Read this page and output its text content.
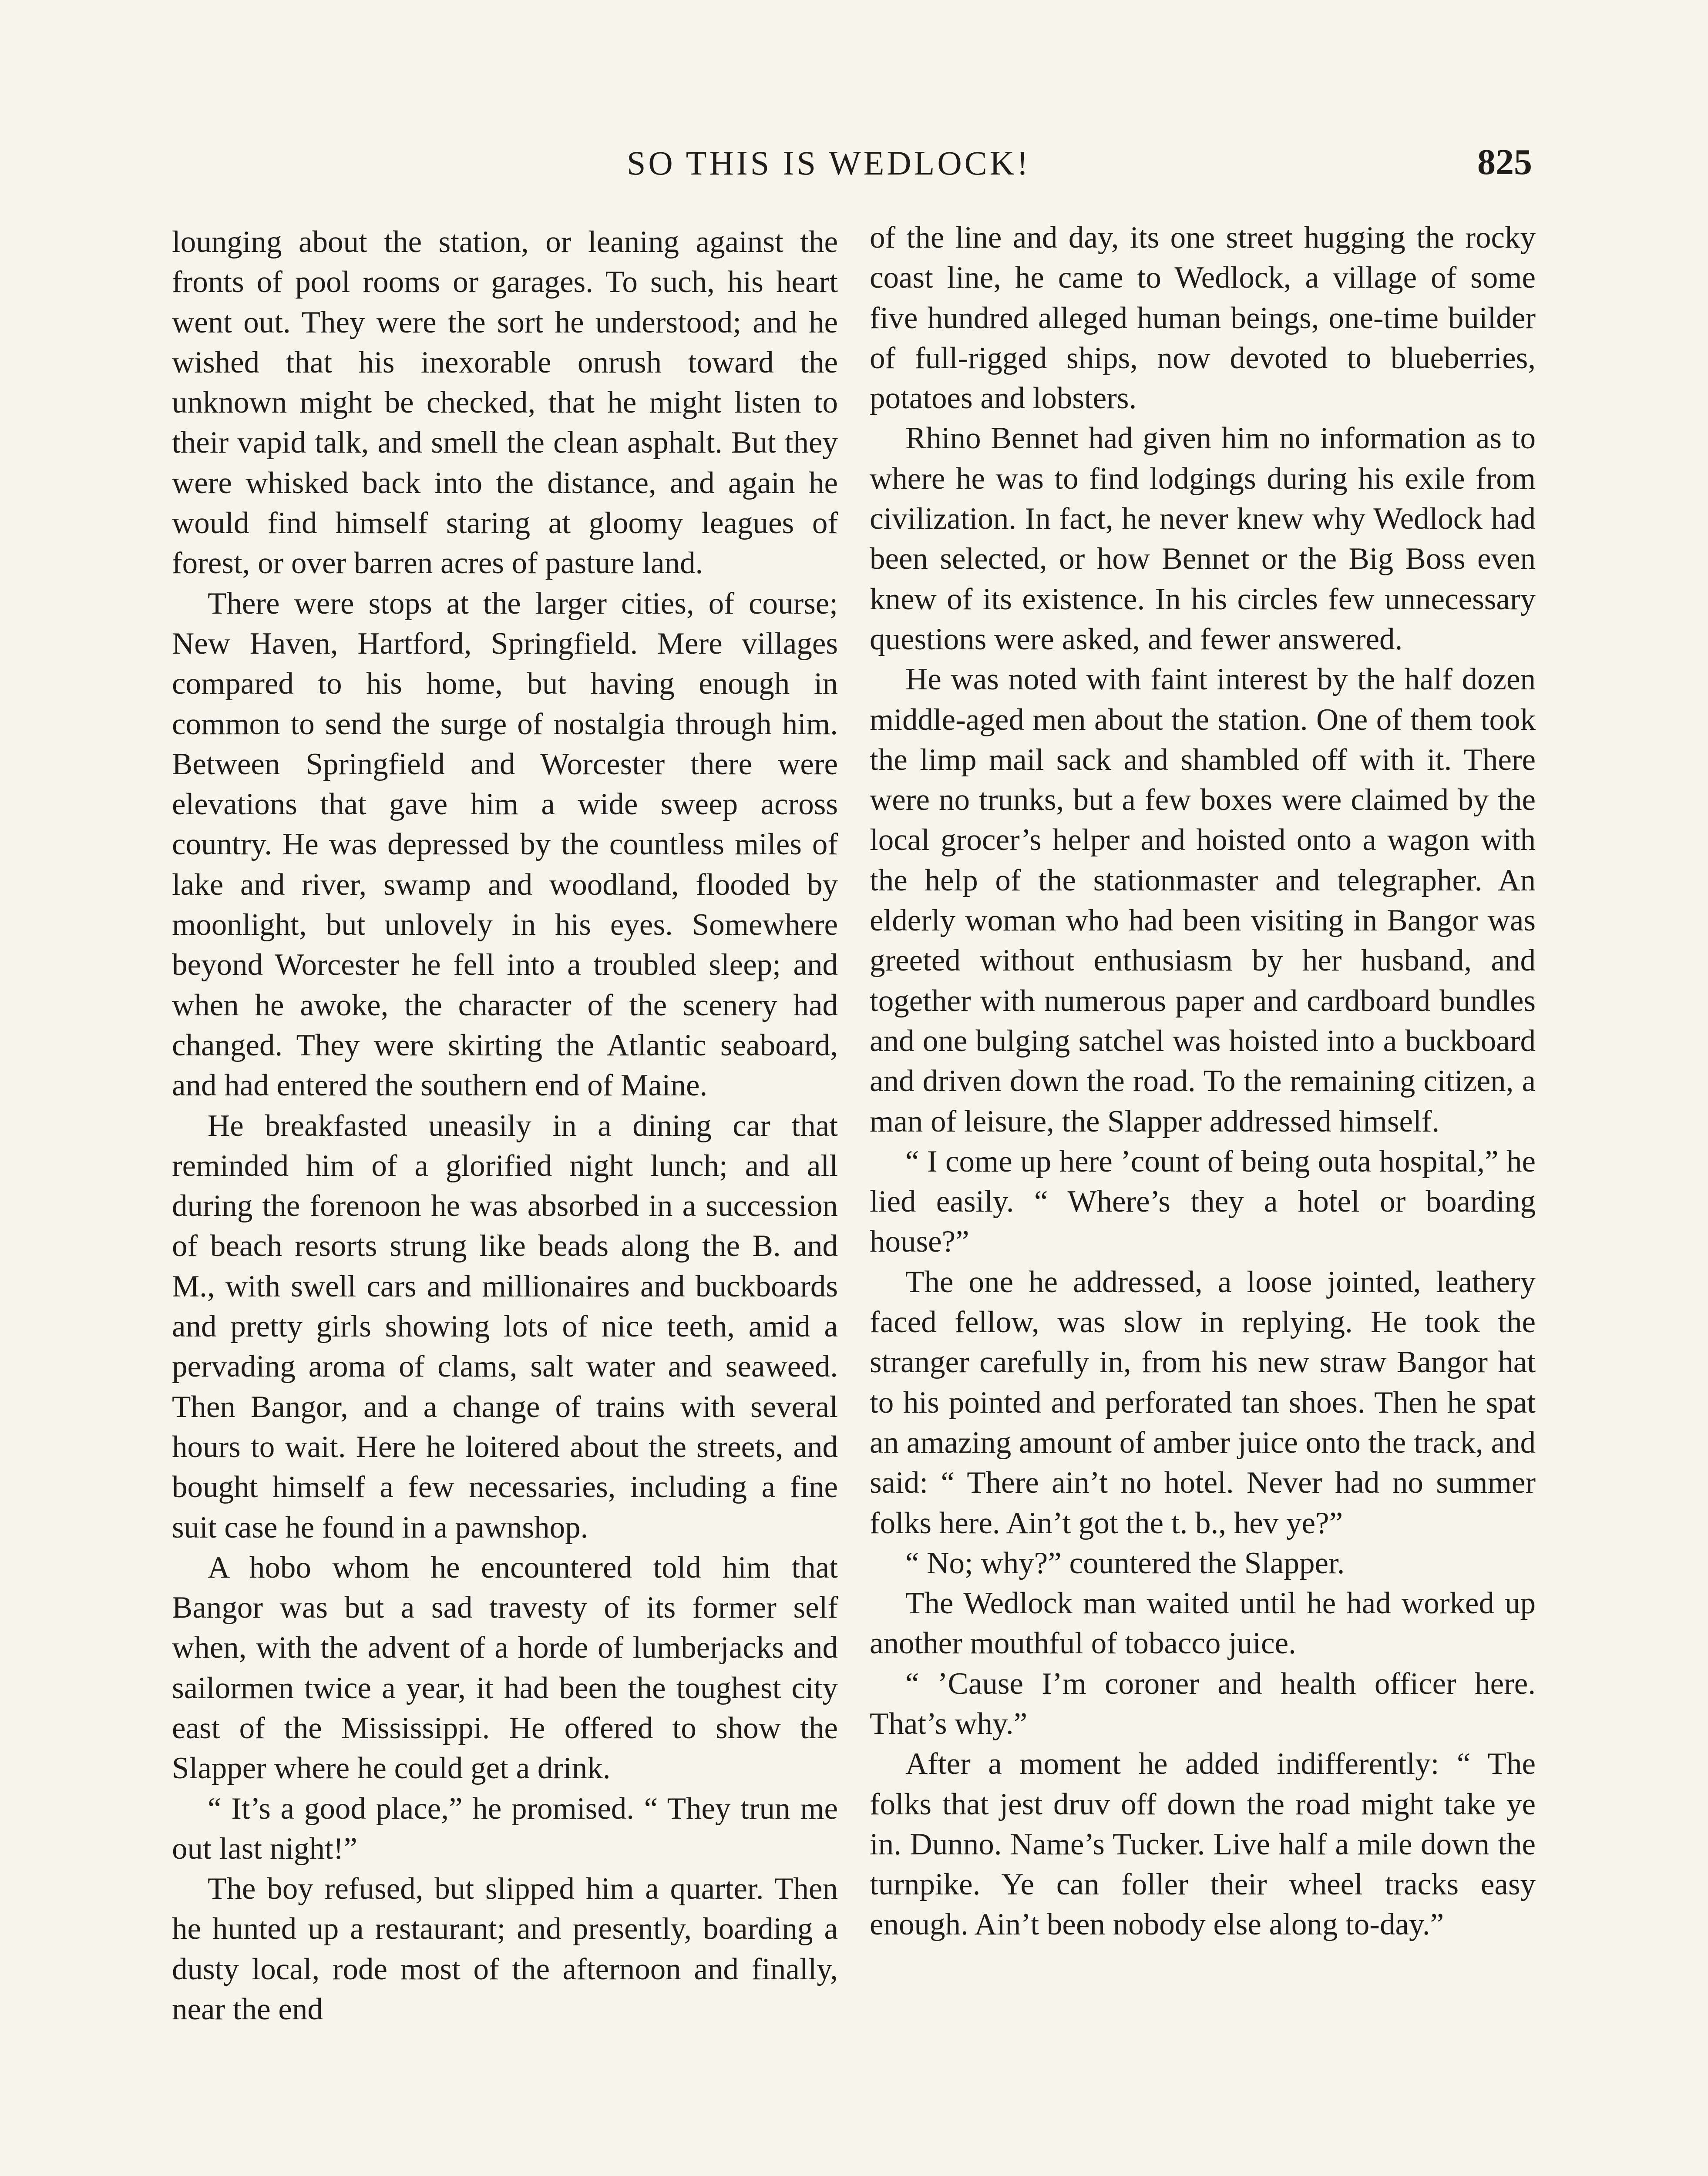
SO THIS IS WEDLOCK!	825

lounging about the station, or leaning against the fronts of pool rooms or garages. To such, his heart went out. They were the sort he understood; and he wished that his inexorable onrush toward the unknown might be checked, that he might listen to their vapid talk, and smell the clean asphalt. But they were whisked back into the distance, and again he would find himself staring at gloomy leagues of forest, or over barren acres of pasture land.

There were stops at the larger cities, of course; New Haven, Hartford, Springfield. Mere villages compared to his home, but having enough in common to send the surge of nostalgia through him. Between Springfield and Worcester there were elevations that gave him a wide sweep across country. He was depressed by the countless miles of lake and river, swamp and woodland, flooded by moonlight, but unlovely in his eyes. Somewhere beyond Worcester he fell into a troubled sleep; and when he awoke, the character of the scenery had changed. They were skirting the Atlantic seaboard, and had entered the southern end of Maine.

He breakfasted uneasily in a dining car that reminded him of a glorified night lunch; and all during the forenoon he was absorbed in a succession of beach resorts strung like beads along the B. and M., with swell cars and millionaires and buckboards and pretty girls showing lots of nice teeth, amid a pervading aroma of clams, salt water and seaweed. Then Bangor, and a change of trains with several hours to wait. Here he loitered about the streets, and bought himself a few necessaries, including a fine suit case he found in a pawnshop.

A hobo whom he encountered told him that Bangor was but a sad travesty of its former self when, with the advent of a horde of lumberjacks and sailormen twice a year, it had been the toughest city east of the Mississippi. He offered to show the Slapper where he could get a drink.

“ It’s a good place,” he promised. “ They trun me out last night!”

The boy refused, but slipped him a quarter. Then he hunted up a restaurant; and presently, boarding a dusty local, rode most of the afternoon and finally, near the end

of the line and day, its one street hugging the rocky coast line, he came to Wedlock, a village of some five hundred alleged human beings, one-time builder of full-rigged ships, now devoted to blueberries, potatoes and lobsters.

Rhino Bennet had given him no information as to where he was to find lodgings during his exile from civilization. In fact, he never knew why Wedlock had been selected, or how Bennet or the Big Boss even knew of its existence. In his circles few unnecessary questions were asked, and fewer answered.

He was noted with faint interest by the half dozen middle-aged men about the station. One of them took the limp mail sack and shambled off with it. There were no trunks, but a few boxes were claimed by the local grocer’s helper and hoisted onto a wagon with the help of the stationmaster and telegrapher. An elderly woman who had been visiting in Bangor was greeted without enthusiasm by her husband, and together with numerous paper and cardboard bundles and one bulging satchel was hoisted into a buckboard and driven down the road. To the remaining citizen, a man of leisure, the Slapper addressed himself.

“ I come up here ’count of being outa hospital,” he lied easily. “ Where’s they a hotel or boarding house?”

The one he addressed, a loose jointed, leathery faced fellow, was slow in replying. He took the stranger carefully in, from his new straw Bangor hat to his pointed and perforated tan shoes. Then he spat an amazing amount of amber juice onto the track, and said: “ There ain’t no hotel. Never had no summer folks here. Ain’t got the t. b., hev ye?”

“ No; why?” countered the Slapper.

The Wedlock man waited until he had worked up another mouthful of tobacco juice.

“ ’Cause I’m coroner and health officer here. That’s why.”

After a moment he added indifferently: “ The folks that jest druv off down the road might take ye in. Dunno. Name’s Tucker. Live half a mile down the turnpike. Ye can foller their wheel tracks easy enough. Ain’t been nobody else along to-day.”
